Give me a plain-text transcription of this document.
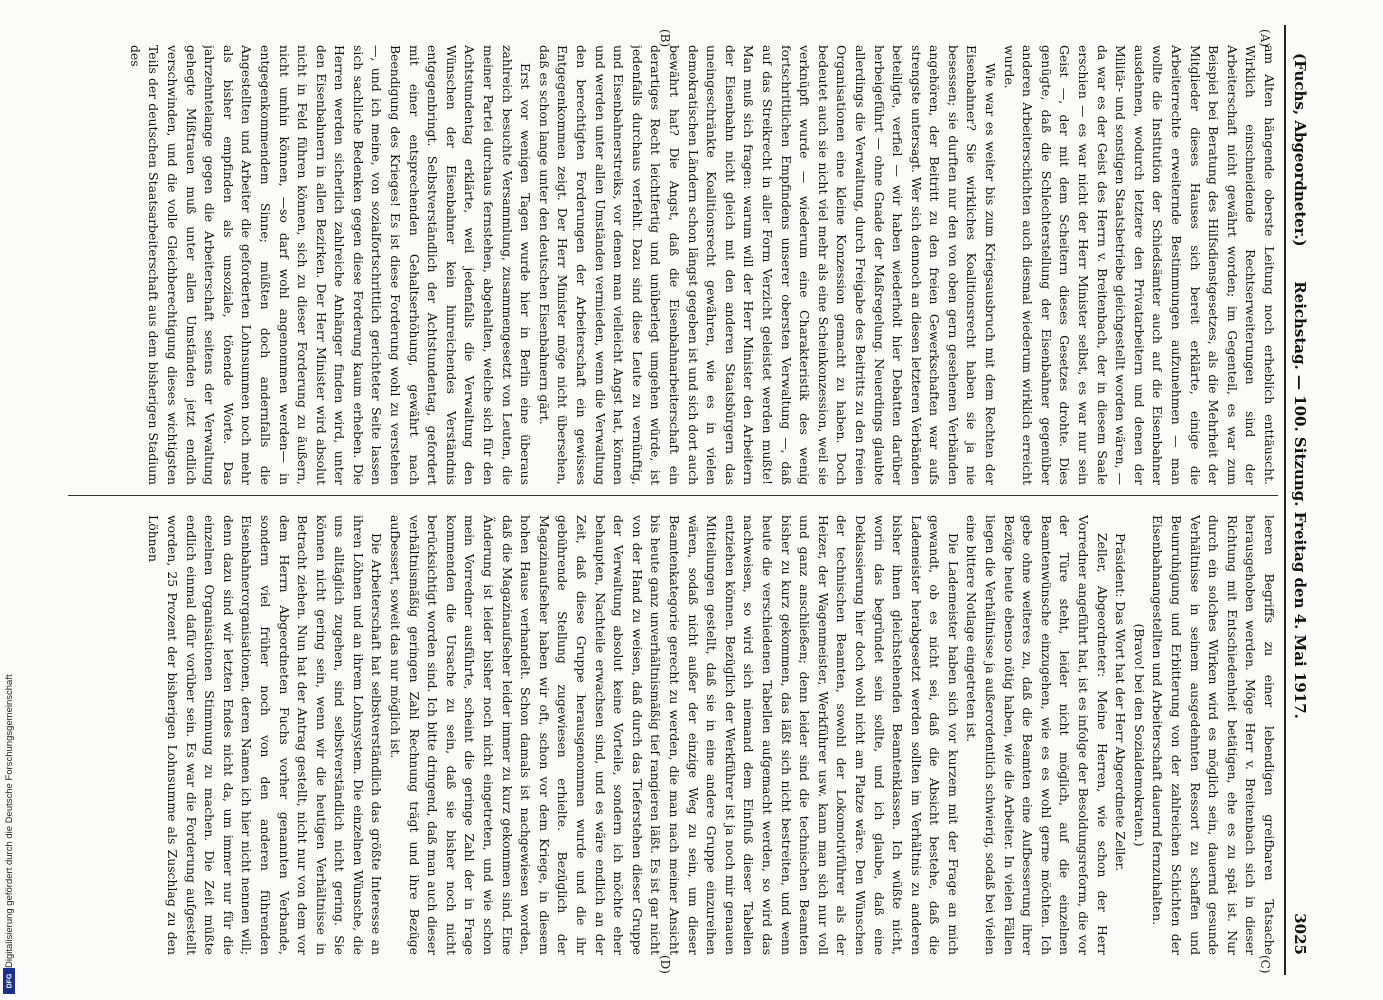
(Fuchs, Abgeordneter.)
Reichstag. — 100. Sitzung. Freitag den 4. Mai 1917.
3025
(A)
(B)
(C)
(D)

am Alten hängende oberste Leitung noch erheblich enttäuscht. Wirklich einschneidende Rechtserweiterungen sind der Arbeiterschaft nicht gewährt worden; im Gegenteil, es war zum Beispiel bei Beratung des Hilfsdienstgesetzes, als die Mehrheit der Mitglieder dieses Hauses sich bereit erklärte, einige die Arbeiterrechte erweiternde Bestimmungen aufzunehmen — man wollte die Institution der Schiedsämter auch auf die Eisenbahner ausdehnen, wodurch letztere den Privatarbeitern und denen der Militär- und sonstigen Staatsbetriebe gleichgestellt worden wären, — da war es der Geist des Herrn v. Breitenbach, der in diesem Saale erschien — es war nicht der Herr Minister selbst, es war nur sein Geist —, der mit dem Scheitern dieses Gesetzes drohte. Dies genügte, daß die Schlechterstellung der Eisenbahner gegenüber anderen Arbeiterschichten auch diesmal wiederum wirklich erreicht wurde.

Wie war es weiter bis zum Kriegsausbruch mit dem Rechten der Eisenbahner? Sie wirkliches Koalitionsrecht haben sie ja nie besessen; sie durften nur den von oben gern gesehenen Verbänden angehören, der Beitritt zu den freien Gewerkschaften war aufs strengste untersagt. Wer sich dennoch an diesen letzteren Verbänden beteiligte, verfiel — wir haben wiederholt hier Debatten darüber herbeigeführt — ohne Gnade der Maßregelung. Neuerdings glaubte allerdings die Verwaltung, durch Freigabe des Beitritts zu den freien Organisationen eine kleine Konzession gemacht zu haben. Doch bedeutet auch sie nicht viel mehr als eine Scheinkonzession, weil sie verknüpft wurde — wiederum eine Charakteristik des wenig fortschrittlichen Empfindens unserer obersten Verwaltung —, daß auf das Streikrecht in aller Form Verzicht geleistet werden mußte! Man muß sich fragen: warum will der Herr Minister den Arbeitern der Eisenbahn nicht gleich mit den anderen Staatsbürgern das uneingeschränkte Koalitionsrecht gewähren, wie es in vielen demokratischen Ländern schon längst gegeben ist und sich dort auch bewährt hat? Die Angst, daß die Eisenbahnarbeiterschaft ein derartiges Recht leichtfertig und unüberlegt umgehen würde, ist jedenfalls durchaus verfehlt. Dazu sind diese Leute zu vernünftig, und Eisenbahnerstreiks, vor denen man vielleicht Angst hat, können und werden unter allen Umständen vermieden, wenn die Verwaltung den berechtigten Forderungen der Arbeiterschaft ein gewisses Entgegenkommen zeigt. Der Herr Minister möge nicht übersehen, daß es schon lange unter den deutschen Eisenbahnern gärt.

Erst vor wenigen Tagen wurde hier in Berlin eine überaus zahlreich besuchte Versammlung, zusammengesetzt von Leuten, die meiner Partei durchaus fernstehen, abgehalten, welche sich für den Achtstundentag erklärte, weil jedenfalls die Verwaltung den Wünschen der Eisenbahner kein hinreichendes Verständnis entgegenbringt. Selbstverständlich der Achtstundentag, gefordert mit einer entsprechenden Gehaltserhöhung, gewährt nach Beendigung des Krieges! Es ist diese Forderung wohl zu verstehen —, und ich meine, von sozialfortschrittlich gerichteter Seite lassen sich sachliche Bedenken gegen diese Forderung kaum erheben. Die Herren werden sicherlich zahlreiche Anhänger finden wird, unter den Eisenbahnern in allen Bezirken. Der Herr Minister wird absolut nicht in Feld führen können, sich zu dieser Forderung zu äußern, nicht umhin können, —so darf wohl angenommen werden— in entgegenkommendem Sinne; müßten doch andernfalls die Angestellten und Arbeiter die geforderten Lohnsummen noch mehr als bisher empfinden als unsoziale, tönende Worte. Das jahrzehntelange gegen die Arbeiterschaft seitens der Verwaltung gehegte Mißtrauen muß unter allen Umständen jetzt endlich verschwinden, und die volle Gleichberechtigung dieses wichtigsten Teils der deutschen Staatsarbeiterschaft aus dem bisherigen Stadium des

leeren Begriffs zu einer lebendigen greifbaren Tatsache herausgehoben werden. Möge Herr v. Breitenbach sich in dieser Richtung mit Entschiedenheit betätigen, ehe es zu spät ist. Nur durch ein solches Wirken wird es möglich sein, dauernd gesunde Verhältnisse in seinem ausgedehnten Ressort zu schaffen und Beunruhigung und Erbitterung von der zahlreichen Schichten der Eisenbahnangestellten und Arbeiterschaft dauernd fernzuhalten.

(Bravo! bei den Sozialdemokraten.)

Präsident: Das Wort hat der Herr Abgeordnete Zeller.

Zeller, Abgeordneter: Meine Herren, wie schon der Herr Vorredner angeführt hat, ist es infolge der Besoldungsreform, die vor der Türe steht, leider nicht möglich, auf die einzelnen Beamtenwünsche einzugehen, wie es es wohl gerne möchten. Ich gebe ohne weiteres zu, daß die Beamten eine Aufbesserung ihrer Bezüge heute ebenso nötig haben, wie die Arbeiter. In vielen Fällen liegen die Verhältnisse ja außerordentlich schwierig, sodaß bei vielen eine bittere Notlage eingetreten ist.

Die Lademeister haben sich vor kurzem mit der Frage an mich gewandt, ob es nicht sei, daß die Absicht bestehe, daß die Lademeister herabgesetzt werden sollten im Verhältnis zu anderen bisher ihnen gleichstehenden Beamtenklassen. Ich wüßte nicht, worin das begründet sein sollte, und ich glaube, daß eine Deklassierung hier doch wohl nicht am Platze wäre. Den Wünschen der technischen Beamten, sowohl der Lokomotivführer als der Heizer, der Wagenmeister, Werkführer usw. kann man sich nur voll und ganz anschließen; denn leider sind die technischen Beamten bisher zu kurz gekommen, das läßt sich nicht bestreiten, und wenn heute die verschiedenen Tabellen aufgemacht werden, so wird das nachweisen, so wird sich niemand dem Einfluß dieser Tabellen entziehen können. Bezüglich der Werkführer ist ja noch mir genauen Mitteilungen gestellt, daß sie in eine andere Gruppe einzureihen wären, sodaß nicht außer der einzige Weg zu sein, um dieser Beamtenkategorie gerecht zu werden, die man nach meiner Ansicht bis heute ganz unverhältnismäßig tief rangieren läßt. Es ist gar nicht von der Hand zu weisen, daß durch das Tieferstehen dieser Gruppe der Verwaltung absolut keine Vorteile, sondern ich möchte eher behaupten, Nachteile erwachsen sind, und es wäre endlich an der Zeit, daß diese Gruppe herausgenommen wurde und die ihr gebührende Stellung zugewiesen erhielte. Bezüglich der Magazinaufseher haben wir oft, schon vor dem Kriege, in diesem hohen Hause verhandelt. Schon damals ist nachgewiesen worden, daß die Magazinaufseher leider immer zu kurz gekommen sind. Eine Änderung ist leider bisher noch nicht eingetreten, und wie schon mein Vorredner ausführte, scheint die geringe Zahl der in Frage kommenden die Ursache zu sein, daß sie bisher noch nicht berücksichtigt worden sind. Ich bitte dringend, daß man auch dieser verhältnismäßig geringen Zahl Rechnung trägt und ihre Bezüge aufbessert, soweit das nur möglich ist.

Die Arbeiterschaft hat selbstverständlich das größte Interesse an ihren Löhnen und an ihrem Lohnsystem. Die einzelnen Wünsche, die uns alltäglich zugehen, sind selbstverständlich nicht gering. Sie können nicht gering sein, wenn wir die heutigen Verhältnisse in Betracht ziehen. Nun hat der Antrag gestellt, nicht nur von dem vor dem Herrn Abgeordneten Fuchs vorher genannten Verbande, sondern viel früher noch von den anderen führenden Eisenbahnerorganisationen, deren Namen ich hier nicht nennen will; denn dazu sind wir letzten Endes nicht da, um immer nur für die einzelnen Organisationen Stimmung zu machen. Die Zeit müßte endlich einmal dafür vorüber sein. Es war die Forderung aufgestellt worden, 25 Prozent der bisherigen Lohnsumme als Zuschlag zu den Löhnen

Digitalisierung gefördert durch die Deutsche Forschungsgemeinschaft
DFG
